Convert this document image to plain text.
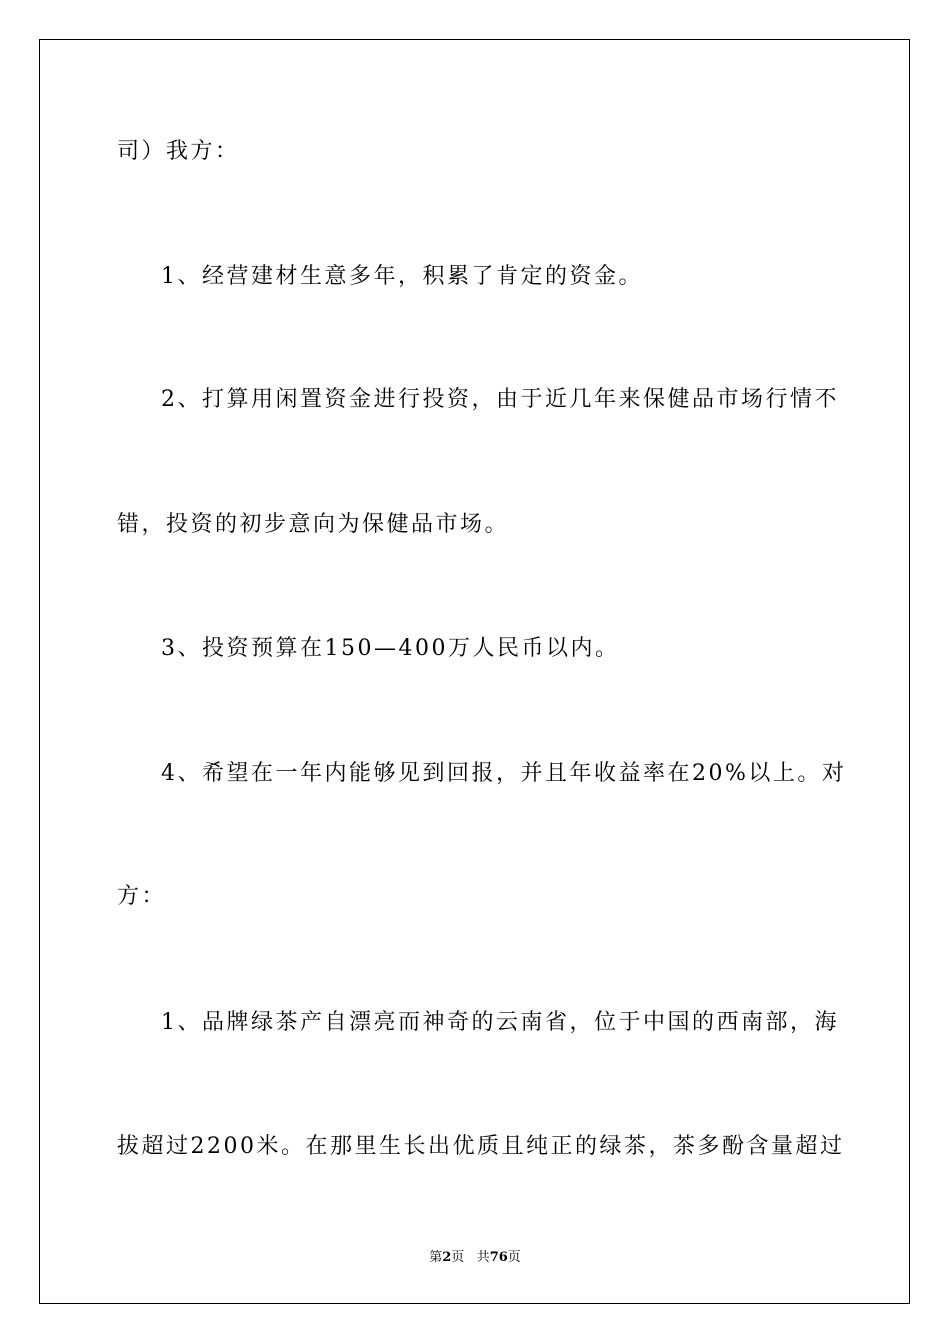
司）我方：
1、经营建材生意多年，积累了肯定的资金。
2、打算用闲置资金进行投资，由于近几年来保健品市场行情不
错，投资的初步意向为保健品市场。
3、投资预算在150—400万人民币以内。
4、希望在一年内能够见到回报，并且年收益率在20%以上。对
方：
1、品牌绿茶产自漂亮而神奇的云南省，位于中国的西南部，海
拔超过2200米。在那里生长出优质且纯正的绿茶，茶多酚含量超过
第2页 共76页
